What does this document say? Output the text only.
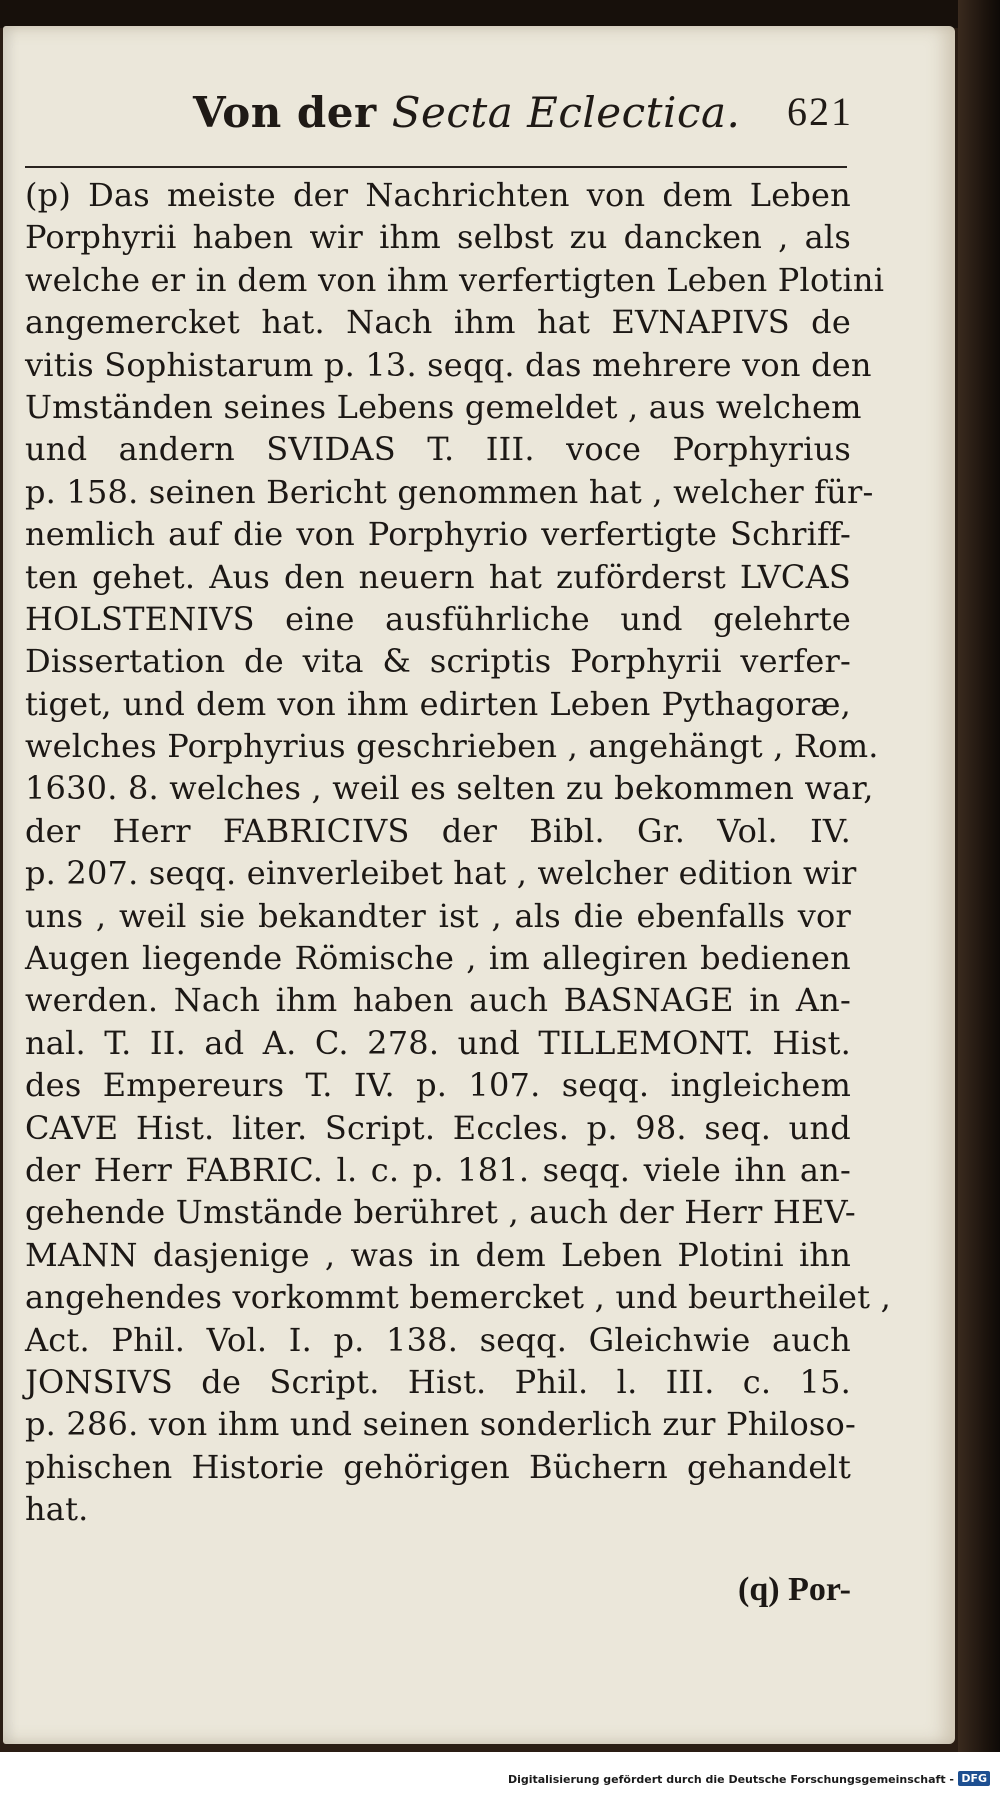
Von der Secta Eclectica. 621
(p) Das meiste der Nachrichten von dem Leben
Porphyrii haben wir ihm selbst zu dancken , als
welche er in dem von ihm verfertigten Leben Plotini
angemercket hat. Nach ihm hat EVNAPIVS de
vitis Sophistarum p. 13. seqq. das mehrere von den
Umständen seines Lebens gemeldet , aus welchem
und andern SVIDAS T. III. voce Porphyrius
p. 158. seinen Bericht genommen hat , welcher für-
nemlich auf die von Porphyrio verfertigte Schriff-
ten gehet. Aus den neuern hat zuförderst LVCAS
HOLSTENIVS eine ausführliche und gelehrte
Dissertation de vita & scriptis Porphyrii verfer-
tiget, und dem von ihm edirten Leben Pythagoræ,
welches Porphyrius geschrieben , angehängt , Rom.
1630. 8. welches , weil es selten zu bekommen war,
der Herr FABRICIVS der Bibl. Gr. Vol. IV.
p. 207. seqq. einverleibet hat , welcher edition wir
uns , weil sie bekandter ist , als die ebenfalls vor
Augen liegende Römische , im allegiren bedienen
werden. Nach ihm haben auch BASNAGE in An-
nal. T. II. ad A. C. 278. und TILLEMONT. Hist.
des Empereurs T. IV. p. 107. seqq. ingleichem
CAVE Hist. liter. Script. Eccles. p. 98. seq. und
der Herr FABRIC. l. c. p. 181. seqq. viele ihn an-
gehende Umstände berühret , auch der Herr HEV-
MANN dasjenige , was in dem Leben Plotini ihn
angehendes vorkommt bemercket , und beurtheilet ,
Act. Phil. Vol. I. p. 138. seqq. Gleichwie auch
JONSIVS de Script. Hist. Phil. l. III. c. 15.
p. 286. von ihm und seinen sonderlich zur Philoso-
phischen Historie gehörigen Büchern gehandelt
hat.
(q) Por-
Digitalisierung gefördert durch die Deutsche Forschungsgemeinschaft - DFG
